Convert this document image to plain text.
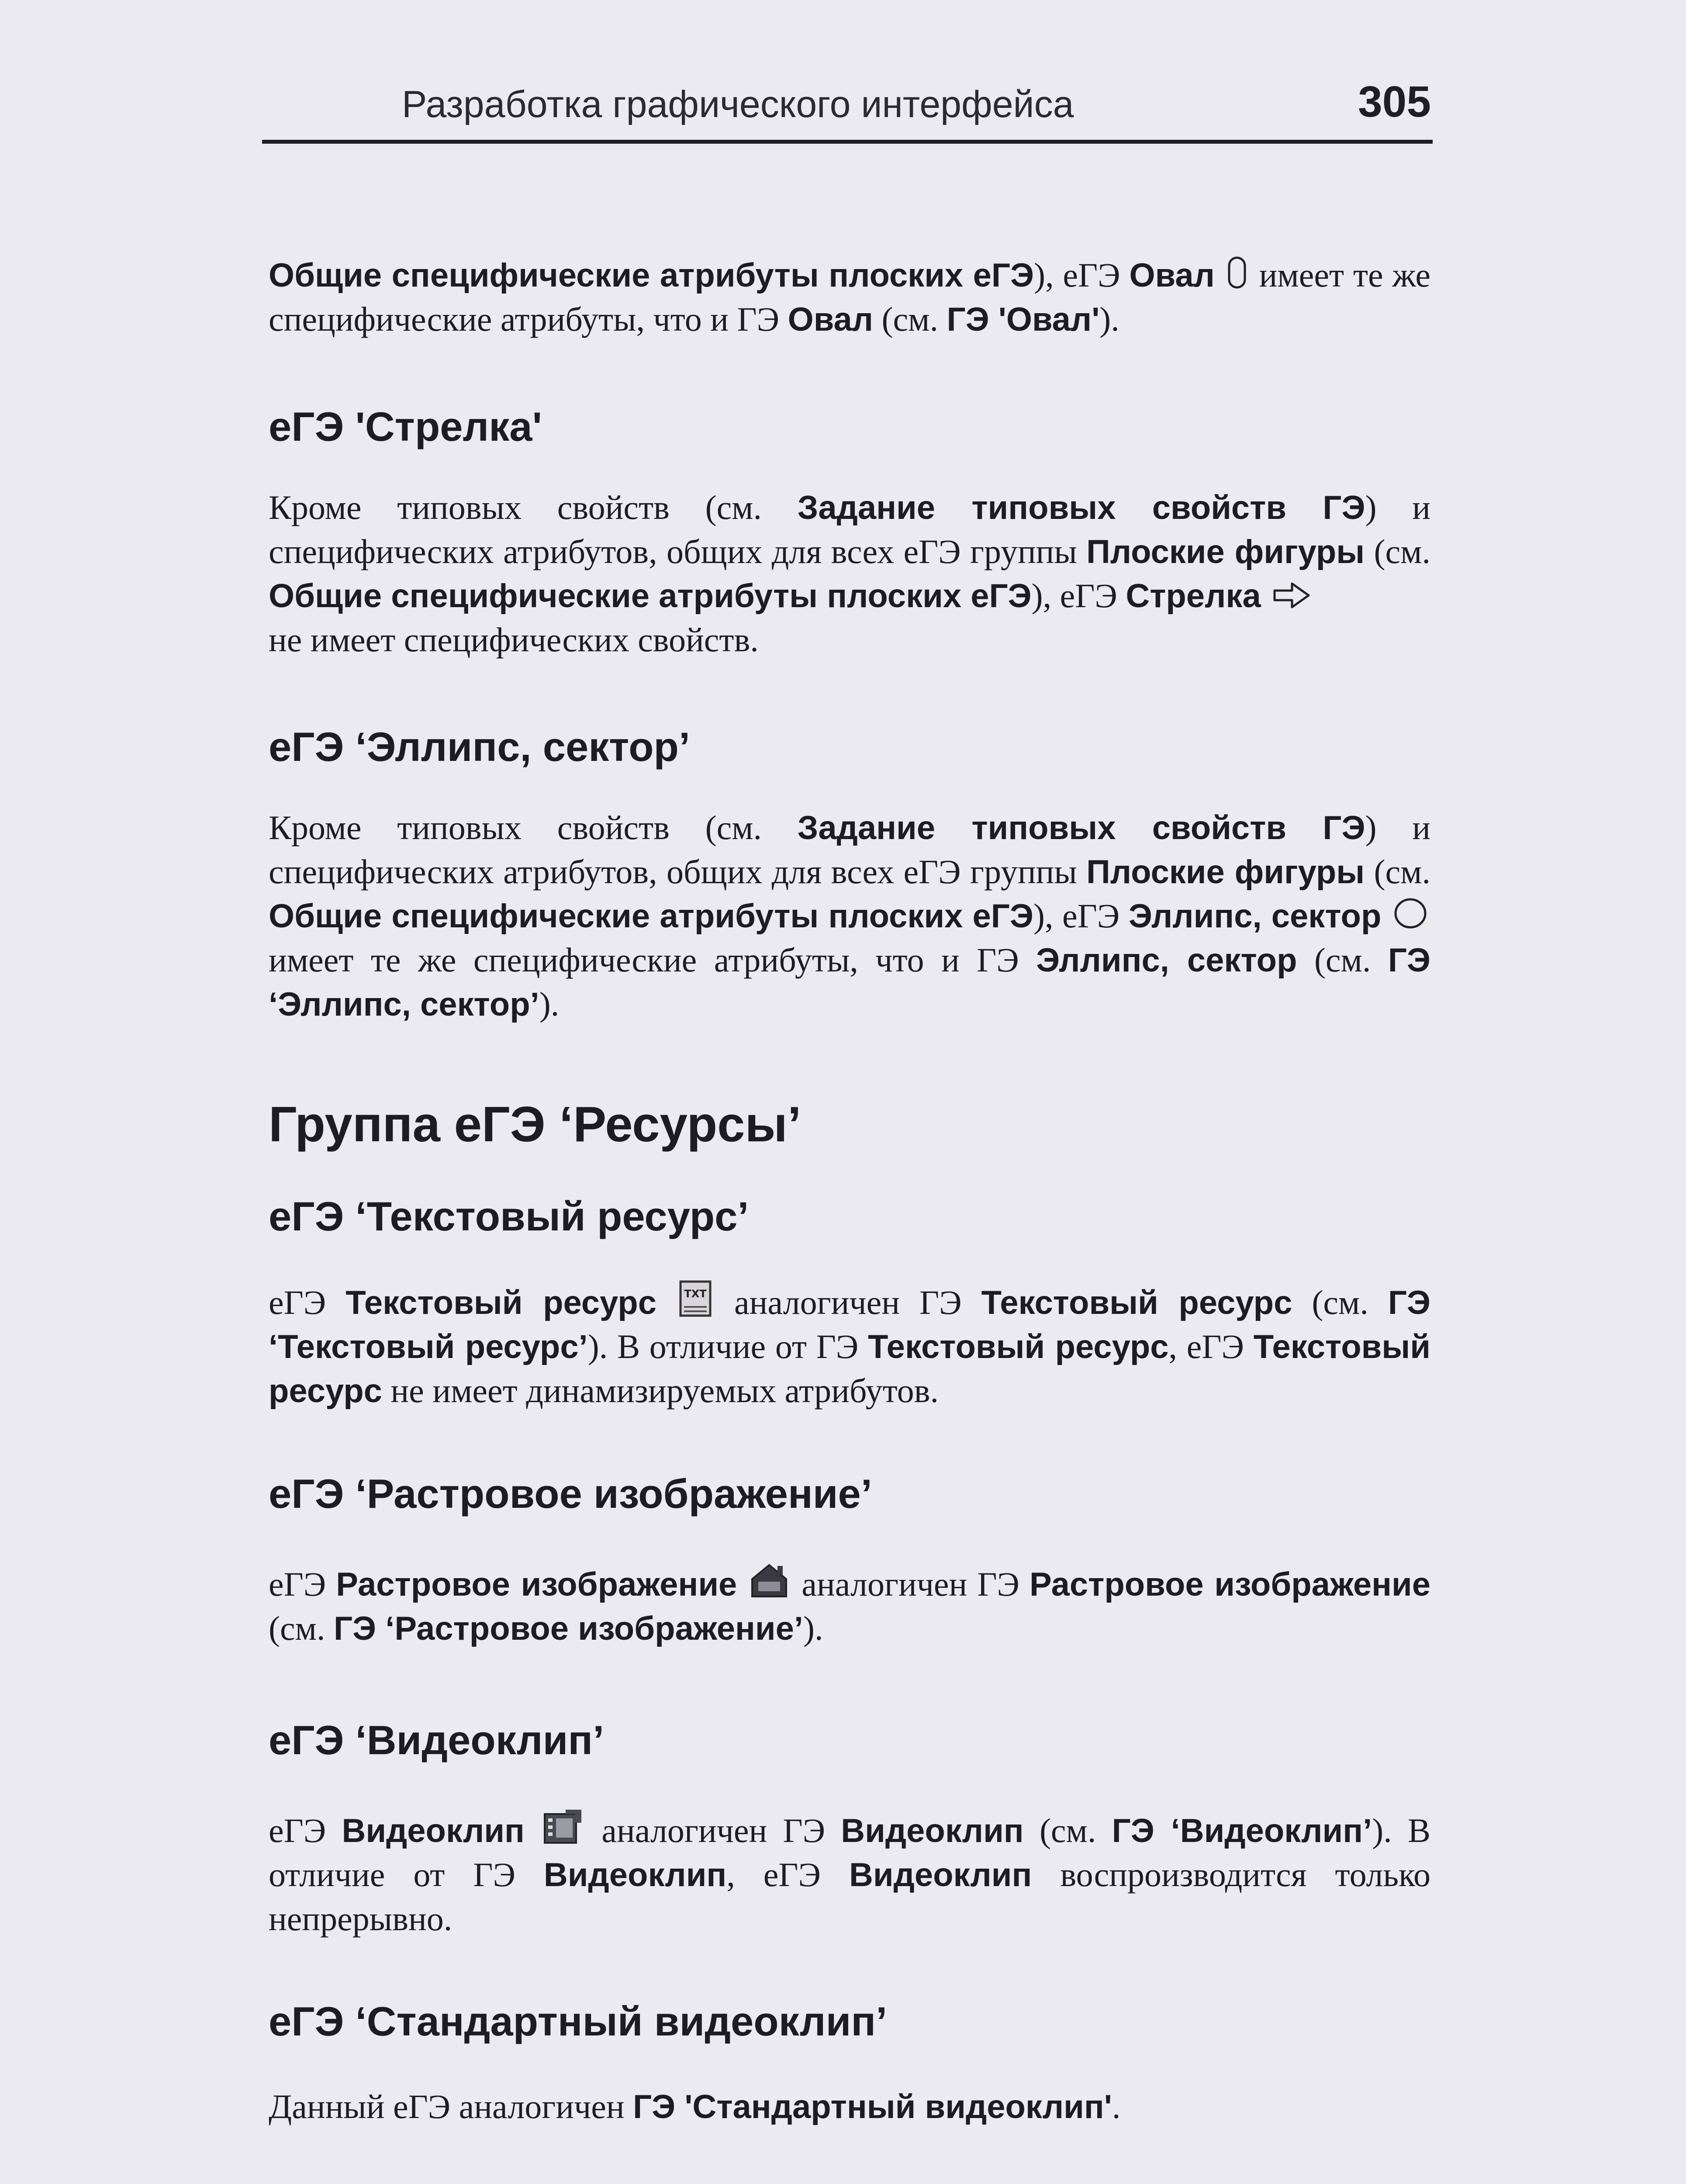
Разработка графического интерфейса	305

Общие специфические атрибуты плоских еГЭ), еГЭ Овал имеет те же специфические атрибуты, что и ГЭ Овал (см. ГЭ 'Овал').

еГЭ 'Стрелка'

Кроме типовых свойств (см. Задание типовых свойств ГЭ) и специфических атрибутов, общих для всех еГЭ группы Плоские фигуры (см. Общие специфические атрибуты плоских еГЭ), еГЭ Стрелка
не имеет специфических свойств.

еГЭ ‘Эллипс, сектор’

Кроме типовых свойств (см. Задание типовых свойств ГЭ) и специфических атрибутов, общих для всех еГЭ группы Плоские фигуры (см. Общие специфические атрибуты плоских еГЭ), еГЭ Эллипс, сектор  имеет те же специфические атрибуты, что и ГЭ Эллипс, сектор (см. ГЭ ‘Эллипс, сектор’).

Группа еГЭ ‘Ресурсы’
еГЭ ‘Текстовый ресурс’

еГЭ Текстовый ресурс	TXT аналогичен ГЭ Текстовый ресурс (см. ГЭ ‘Текстовый ресурс’). В отличие от ГЭ Текстовый ресурс, еГЭ Текстовый ресурс не имеет динамизируемых атрибутов.

еГЭ ‘Растровое изображение’

еГЭ Растровое изображение аналогичен ГЭ Растровое изображение (см. ГЭ ‘Растровое изображение’).

еГЭ ‘Видеоклип’

еГЭ Видеоклип аналогичен ГЭ Видеоклип (см. ГЭ ‘Видеоклип’). В отличие от ГЭ Видеоклип, еГЭ Видеоклип воспроизводится только непрерывно.

еГЭ ‘Стандартный видеоклип’

Данный еГЭ аналогичен ГЭ 'Стандартный видеоклип'.
